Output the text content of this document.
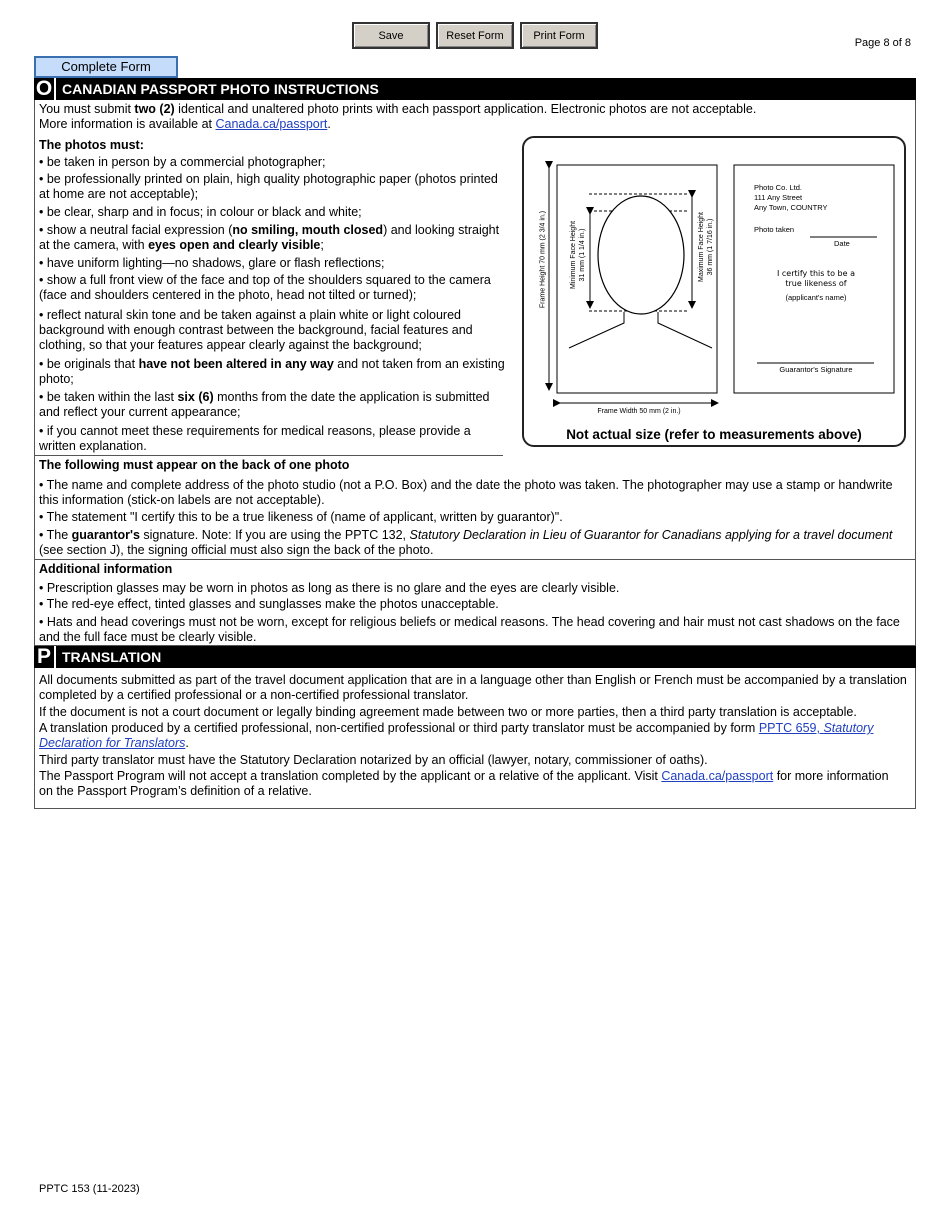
Save	Reset Form	Print Form
Page 8 of 8
Complete Form
O CANADIAN PASSPORT PHOTO INSTRUCTIONS
You must submit two (2) identical and unaltered photo prints with each passport application. Electronic photos are not acceptable.
More information is available at Canada.ca/passport.
The photos must:
• be taken in person by a commercial photographer;
• be professionally printed on plain, high quality photographic paper (photos printed at home are not acceptable);
• be clear, sharp and in focus; in colour or black and white;
• show a neutral facial expression (no smiling, mouth closed) and looking straight at the camera, with eyes open and clearly visible;
• have uniform lighting—no shadows, glare or flash reflections;
• show a full front view of the face and top of the shoulders squared to the camera (face and shoulders centered in the photo, head not tilted or turned);
• reflect natural skin tone and be taken against a plain white or light coloured background with enough contrast between the background, facial features and clothing, so that your features appear clearly against the background;
• be originals that have not been altered in any way and not taken from an existing photo;
• be taken within the last six (6) months from the date the application is submitted and reflect your current appearance;
• if you cannot meet these requirements for medical reasons, please provide a written explanation.
Frame Height 70 mm (2 3/4 in.)	Minimum Face Height 31 mm (1 1/4 in.)	Maximum Face Height 36 mm (1 7/16 in.)
Frame Width 50 mm (2 in.)
Photo Co. Ltd.
111 Any Street
Any Town, COUNTRY
Photo taken
Date
I certify this to be a
true likeness of
(applicant's name)
Guarantor's Signature
Not actual size (refer to measurements above)
The following must appear on the back of one photo
• The name and complete address of the photo studio (not a P.O. Box) and the date the photo was taken. The photographer may use a stamp or handwrite this information (stick-on labels are not acceptable).
• The statement "I certify this to be a true likeness of (name of applicant, written by guarantor)".
• The guarantor's signature. Note: If you are using the PPTC 132, Statutory Declaration in Lieu of Guarantor for Canadians applying for a travel document (see section J), the signing official must also sign the back of the photo.
Additional information
• Prescription glasses may be worn in photos as long as there is no glare and the eyes are clearly visible.
• The red-eye effect, tinted glasses and sunglasses make the photos unacceptable.
• Hats and head coverings must not be worn, except for religious beliefs or medical reasons. The head covering and hair must not cast shadows on the face and the full face must be clearly visible.
P TRANSLATION
All documents submitted as part of the travel document application that are in a language other than English or French must be accompanied by a translation completed by a certified professional or a non-certified professional translator.
If the document is not a court document or legally binding agreement made between two or more parties, then a third party translation is acceptable.
A translation produced by a certified professional, non-certified professional or third party translator must be accompanied by form PPTC 659, Statutory Declaration for Translators.
Third party translator must have the Statutory Declaration notarized by an official (lawyer, notary, commissioner of oaths).
The Passport Program will not accept a translation completed by the applicant or a relative of the applicant. Visit Canada.ca/passport for more information on the Passport Program’s definition of a relative.
PPTC 153 (11-2023)
